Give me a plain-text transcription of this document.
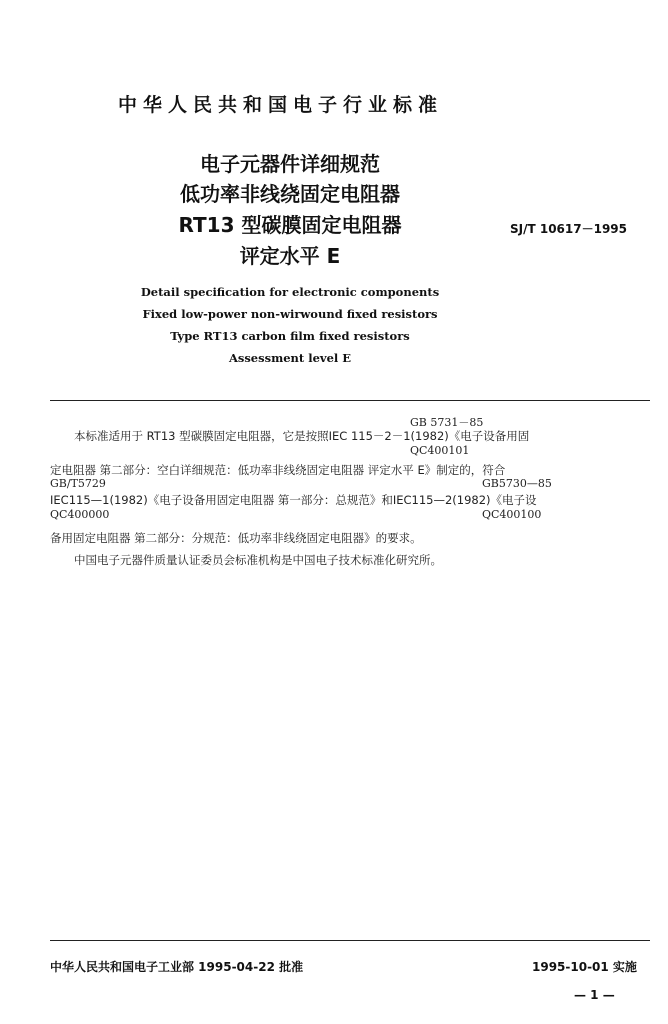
中华人民共和国电子行业标准
电子元器件详细规范
低功率非线绕固定电阻器
RT13 型碳膜固定电阻器
评定水平 E
SJ/T 10617－1995
Detail specification for electronic components
Fixed low-power non-wirwound fixed resistors
Type RT13 carbon film fixed resistors
Assessment level E
GB 5731－85
本标准适用于 RT13 型碳膜固定电阻器，它是按照IEC 115－2－1(1982)《电子设备用固
QC400101
定电阻器 第二部分：空白详细规范：低功率非线绕固定电阻器 评定水平 E》制定的，符合
GB/T5729	GB5730—85
IEC115—1(1982)《电子设备用固定电阻器 第一部分：总规范》和IEC115—2(1982)《电子设
QC400000	QC400100
备用固定电阻器 第二部分：分规范：低功率非线绕固定电阻器》的要求。
中国电子元器件质量认证委员会标准机构是中国电子技术标准化研究所。
中华人民共和国电子工业部 1995-04-22 批准	1995-10-01 实施
— 1 —
